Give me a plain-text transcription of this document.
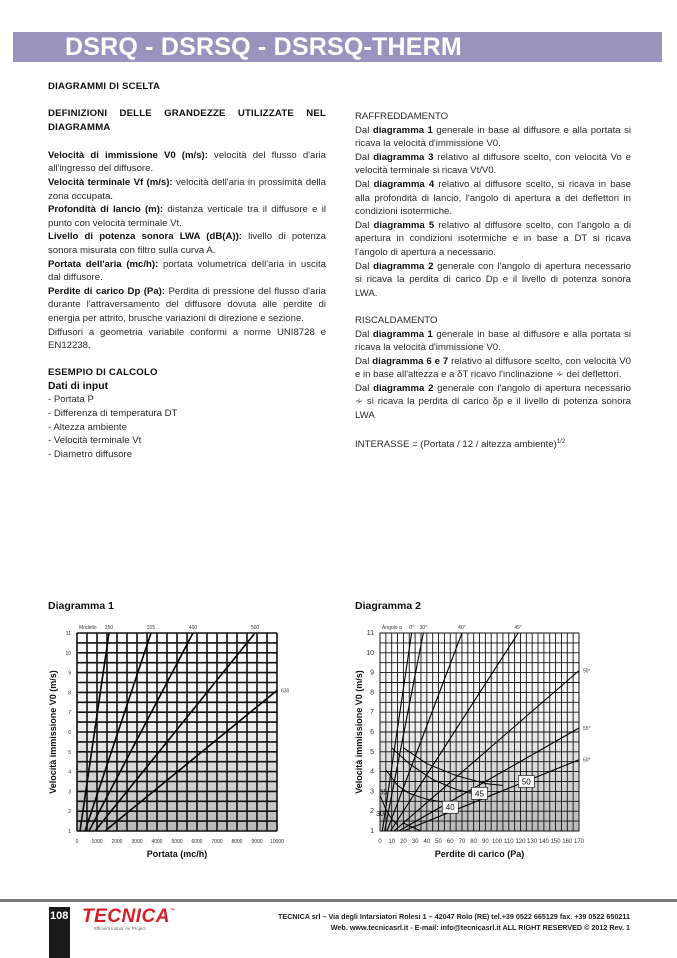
DSRQ - DSRSQ - DSRSQ-THERM
DIAGRAMMI DI SCELTA
DEFINIZIONI DELLE GRANDEZZE UTILIZZATE NEL DIAGRAMMA
Velocità di immissione V0 (m/s): velocità del flusso d'aria all'ingresso del diffusore.
Velocità terminale Vf (m/s): velocità dell'aria in prossimità della zona occupata.
Profondità di lancio (m): distanza verticale tra il diffusore e il punto con velocità terminale Vt.
Livello di potenza sonora LWA (dB(A)): livello di potenza sonora misurata con filtro sulla curva A.
Portata dell'aria (mc/h): portata volumetrica dell'aria in uscita dal diffusore.
Perdite di carico Dp (Pa): Perdita di pressione del flusso d'aria durante l'attraversamento del diffusore dovuta alle perdite di energia per attrito, brusche variazioni di direzione e sezione.
Diffusori a geometria variabile conformi a norme UNI8728 e EN12238.
ESEMPIO DI CALCOLO
Dati di input
- Portata P
- Differenza di temperatura DT
- Altezza ambiente
- Velocità terminale Vt
- Diametro diffusore
RAFFREDDAMENTO
Dal diagramma 1 generale in base al diffusore e alla portata si ricava la velocità d'immissione V0.
Dal diagramma 3 relativo al diffusore scelto, con velocità Vo e velocità terminale si ricava Vt/V0.
Dal diagramma 4 relativo al diffusore scelto, si ricava in base alla profondità di lancio, l'angolo di apertura a dei deflettori in condizioni isotermiche.
Dal diagramma 5 relativo al diffusore scelto, con l'angolo a di apertura in condizioni isotermiche e in base a DT si ricava l'angolo di apertura a necessario.
Dal diagramma 2 generale con l'angolo di apertura necessario si ricava la perdita di carico Dp e il livello di potenza sonora LWA.
RISCALDAMENTO
Dal diagramma 1 generale in base al diffusore e alla portata si ricava la velocità d'immissione V0.
Dal diagramma 6 e 7 relativo al diffusore scelto, con velocità V0 e in base all'altezza e a δT ricavo l'inclinazione ∻ dei deflettori.
Dal diagramma 2 generale con l'angolo di apertura necessario ∻ si ricava la perdita di carico δp e il livello di potenza sonora LWA
INTERASSE = (Portata / 12 / altezza ambiente)$^{1/2}$
Diagramma 1	Diagramma 2
1
2
3
4
5
6
7
8
9
10
11
0	1000 2000 3000 4000 5000 6000 7000 8000 9000 10000
Portata (mc/h)
Velocità immissione V0 (m/s)
Modello 250	315	400	500
630
1
2
3
4
5
6
7
8
9
10
11
0 10 20 30 40 50 60 70 80 90 100 110 120 130 140 150 160 170
Perdite di carico (Pa)
Velocità immissione V0 (m/s)
Angolo α 0° 30°	40°	45°
50°
55°
60°
30
35
40
45
50
108 TECNICA™
Efficient Indoor Air Project
TECNICA srl – Via degli Intarsiatori Rolesi 1 – 42047 Rolo (RE) tel.+39 0522 665129 fax. +39 0522 650211
Web. www.tecnicasrl.it - E-mail: info@tecnicasrl.it ALL RIGHT RESERVED © 2012 Rev. 1
